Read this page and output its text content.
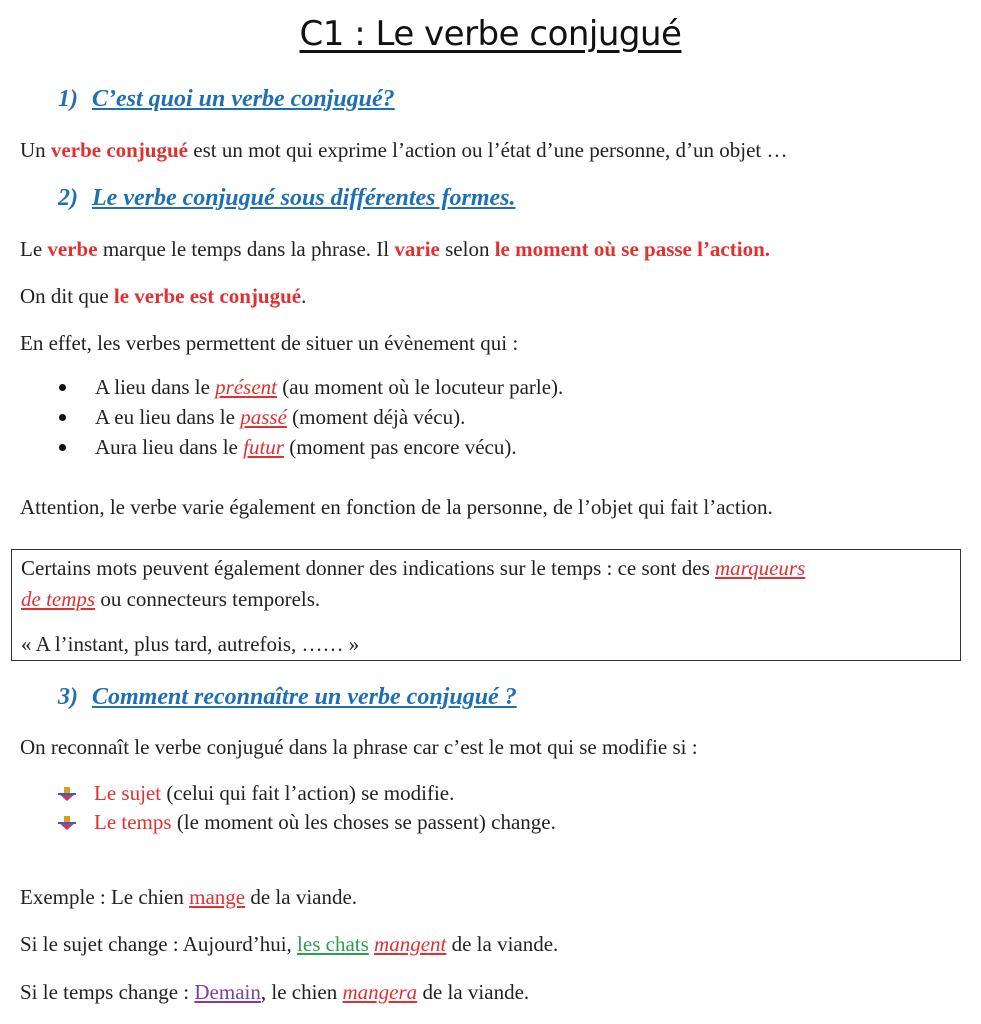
C1 : Le verbe conjugué
1) C’est quoi un verbe conjugué?
Un verbe conjugué est un mot qui exprime l’action ou l’état d’une personne, d’un objet …
2) Le verbe conjugué sous différentes formes.
Le verbe marque le temps dans la phrase. Il varie selon le moment où se passe l’action.
On dit que le verbe est conjugué.
En effet, les verbes permettent de situer un évènement qui :
A lieu dans le présent (au moment où le locuteur parle).
A eu lieu dans le passé (moment déjà vécu).
Aura lieu dans le futur (moment pas encore vécu).
Attention, le verbe varie également en fonction de la personne, de l’objet qui fait l’action.
Certains mots peuvent également donner des indications sur le temps : ce sont des marqueurs
de temps ou connecteurs temporels.
« A l’instant, plus tard, autrefois, …… »
3) Comment reconnaître un verbe conjugué ?
On reconnaît le verbe conjugué dans la phrase car c’est le mot qui se modifie si :
Le sujet (celui qui fait l’action) se modifie.
Le temps (le moment où les choses se passent) change.
Exemple : Le chien mange de la viande.
Si le sujet change : Aujourd’hui, les chats mangent de la viande.
Si le temps change : Demain, le chien mangera de la viande.
